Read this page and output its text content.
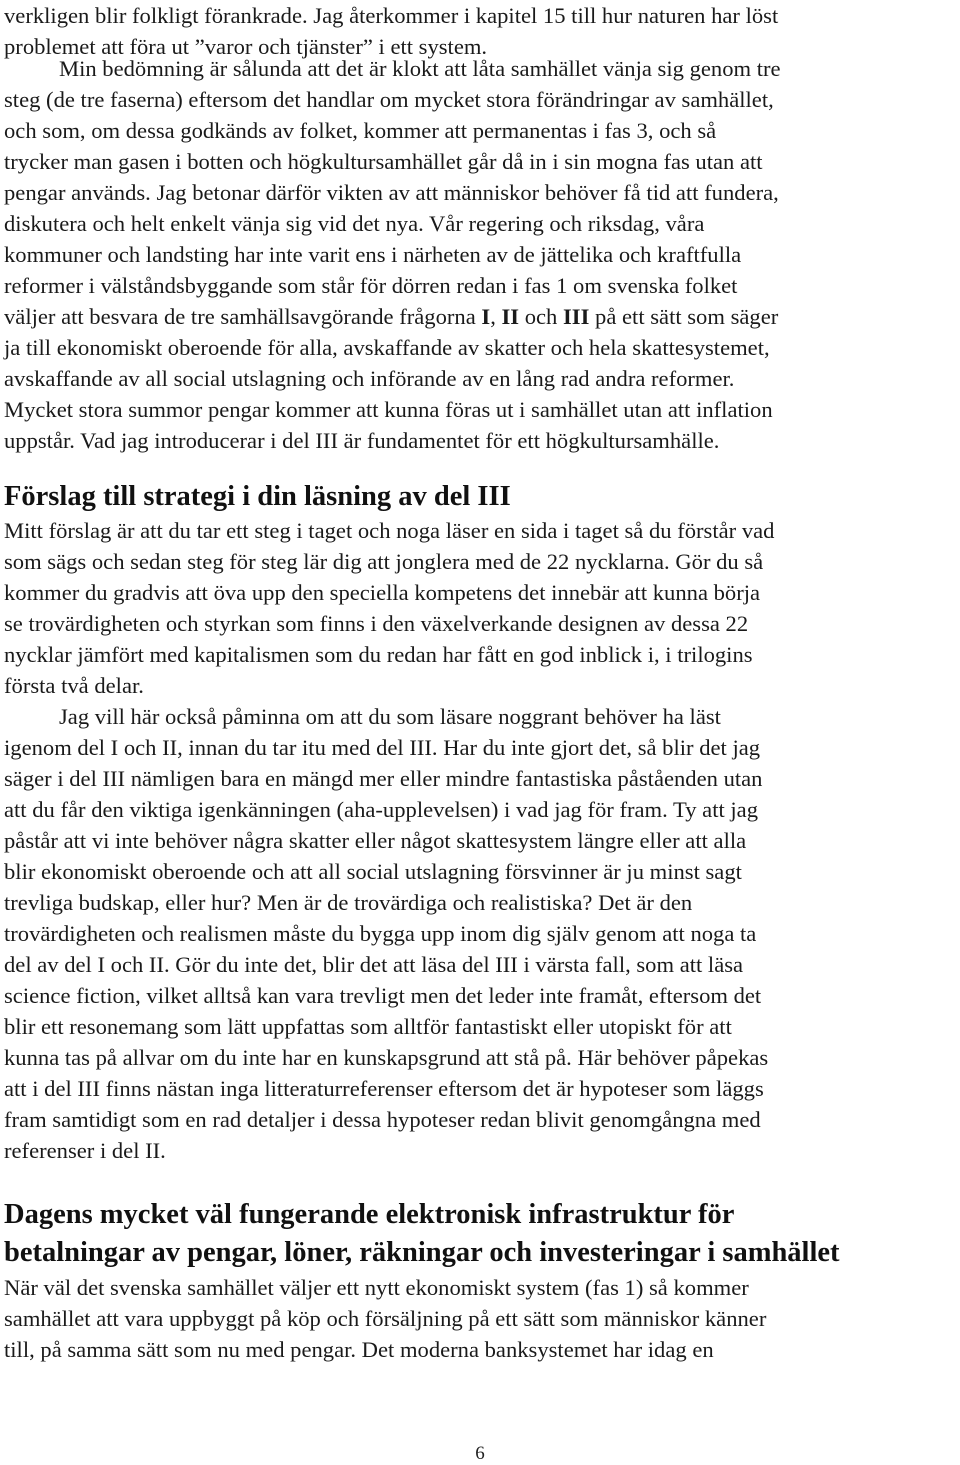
verkligen blir folkligt förankrade. Jag återkommer i kapitel 15 till hur naturen har löst
problemet att föra ut ”varor och tjänster” i ett system.
Min bedömning är sålunda att det är klokt att låta samhället vänja sig genom tre
steg (de tre faserna) eftersom det handlar om mycket stora förändringar av samhället,
och som, om dessa godkänds av folket, kommer att permanentas i fas 3, och så
trycker man gasen i botten och högkultursamhället går då in i sin mogna fas utan att
pengar används. Jag betonar därför vikten av att människor behöver få tid att fundera,
diskutera och helt enkelt vänja sig vid det nya. Vår regering och riksdag, våra
kommuner och landsting har inte varit ens i närheten av de jättelika och kraftfulla
reformer i välståndsbyggande som står för dörren redan i fas 1 om svenska folket
väljer att besvara de tre samhällsavgörande frågorna I, II och III på ett sätt som säger
ja till ekonomiskt oberoende för alla, avskaffande av skatter och hela skattesystemet,
avskaffande av all social utslagning och införande av en lång rad andra reformer.
Mycket stora summor pengar kommer att kunna föras ut i samhället utan att inflation
uppstår. Vad jag introducerar i del III är fundamentet för ett högkultursamhälle.
Förslag till strategi i din läsning av del III
Mitt förslag är att du tar ett steg i taget och noga läser en sida i taget så du förstår vad
som sägs och sedan steg för steg lär dig att jonglera med de 22 nycklarna. Gör du så
kommer du gradvis att öva upp den speciella kompetens det innebär att kunna börja
se trovärdigheten och styrkan som finns i den växelverkande designen av dessa 22
nycklar jämfört med kapitalismen som du redan har fått en god inblick i, i trilogins
första två delar.
Jag vill här också påminna om att du som läsare noggrant behöver ha läst
igenom del I och II, innan du tar itu med del III. Har du inte gjort det, så blir det jag
säger i del III nämligen bara en mängd mer eller mindre fantastiska påståenden utan
att du får den viktiga igenkänningen (aha-upplevelsen) i vad jag för fram. Ty att jag
påstår att vi inte behöver några skatter eller något skattesystem längre eller att alla
blir ekonomiskt oberoende och att all social utslagning försvinner är ju minst sagt
trevliga budskap, eller hur? Men är de trovärdiga och realistiska? Det är den
trovärdigheten och realismen måste du bygga upp inom dig själv genom att noga ta
del av del I och II. Gör du inte det, blir det att läsa del III i värsta fall, som att läsa
science fiction, vilket alltså kan vara trevligt men det leder inte framåt, eftersom det
blir ett resonemang som lätt uppfattas som alltför fantastiskt eller utopiskt för att
kunna tas på allvar om du inte har en kunskapsgrund att stå på. Här behöver påpekas
att i del III finns nästan inga litteraturreferenser eftersom det är hypoteser som läggs
fram samtidigt som en rad detaljer i dessa hypoteser redan blivit genomgångna med
referenser i del II.
Dagens mycket väl fungerande elektronisk infrastruktur för
betalningar av pengar, löner, räkningar och investeringar i samhället
När väl det svenska samhället väljer ett nytt ekonomiskt system (fas 1) så kommer
samhället att vara uppbyggt på köp och försäljning på ett sätt som människor känner
till, på samma sätt som nu med pengar. Det moderna banksystemet har idag en
6
